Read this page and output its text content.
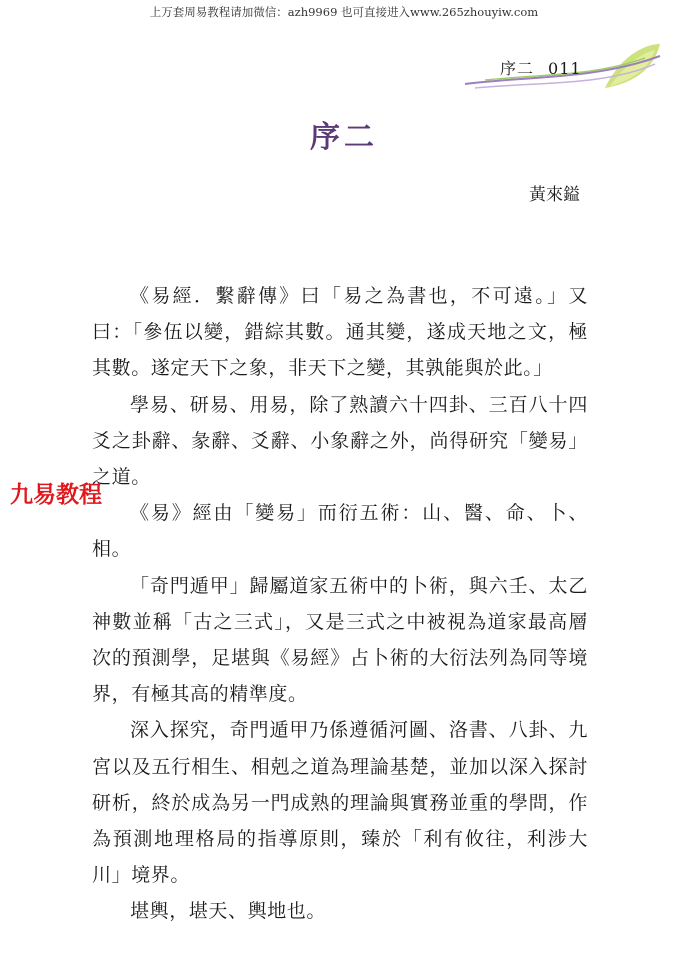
上万套周易教程请加微信：azh9969 也可直接进入www.265zhouyiw.com
序二 011
序二
黃來鎰

《易經．繫辭傳》曰「易之為書也，不可遠。」又曰：「參伍以變，錯綜其數。通其變，遂成天地之文，極其數。遂定天下之象，非天下之變，其孰能與於此。」

學易、研易、用易，除了熟讀六十四卦、三百八十四爻之卦辭、彖辭、爻辭、小象辭之外，尚得研究「變易」之道。

《易》經由「變易」而衍五術：山、醫、命、卜、相。

「奇門遁甲」歸屬道家五術中的卜術，與六壬、太乙神數並稱「古之三式」，又是三式之中被視為道家最高層次的預測學，足堪與《易經》占卜術的大衍法列為同等境界，有極其高的精準度。

深入探究，奇門遁甲乃係遵循河圖、洛書、八卦、九宮以及五行相生、相剋之道為理論基楚，並加以深入探討研析，終於成為另一門成熟的理論與實務並重的學問，作為預測地理格局的指導原則，臻於「利有攸往，利涉大川」境界。

堪輿，堪天、輿地也。

九易教程
